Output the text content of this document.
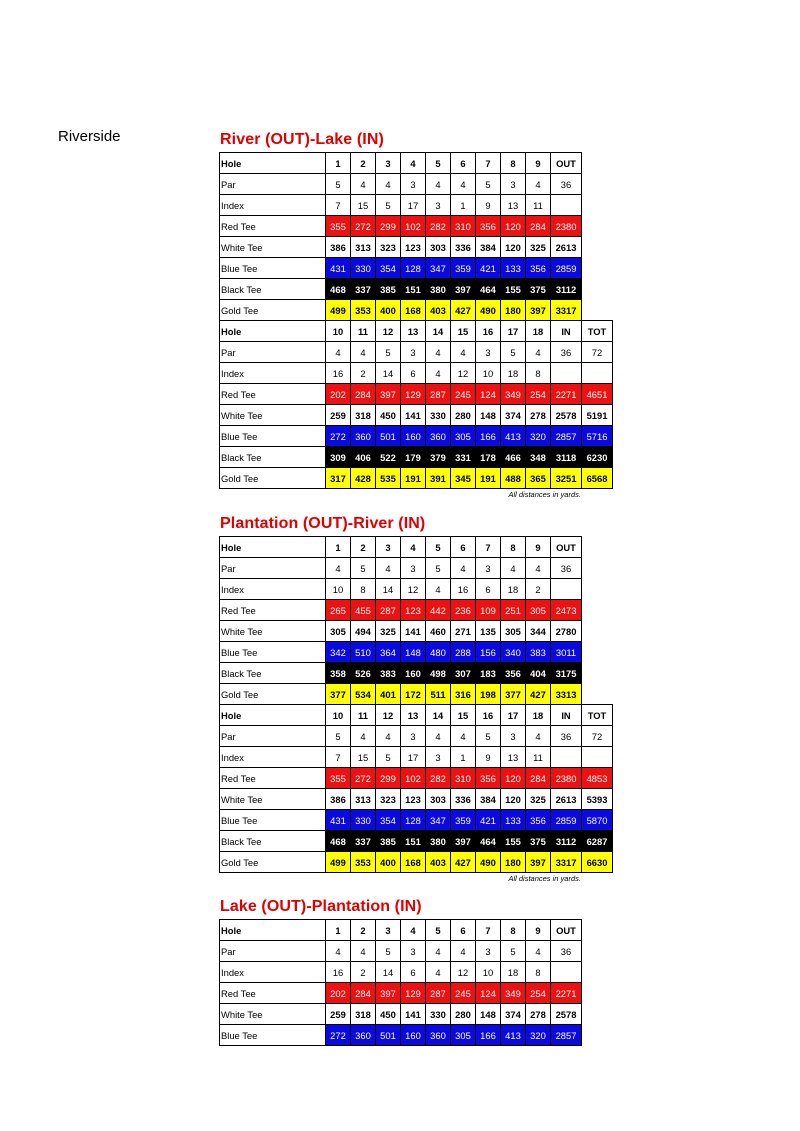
Riverside	River (OUT)-Lake (IN)
Hole	1	2	3	4	5	6	7	8	9	OUT	
Par	5	4	4	3	4	4	5	3	4	36	
Index	7	15	5	17	3	1	9	13	11		
Red Tee	355	272	299	102	282	310	356	120	284	2380	
White Tee	386	313	323	123	303	336	384	120	325	2613	
Blue Tee	431	330	354	128	347	359	421	133	356	2859	
Black Tee	468	337	385	151	380	397	464	155	375	3112	
Gold Tee	499	353	400	168	403	427	490	180	397	3317	
Hole	10	11	12	13	14	15	16	17	18	IN	TOT
Par	4	4	5	3	4	4	3	5	4	36	72
Index	16	2	14	6	4	12	10	18	8		
Red Tee	202	284	397	129	287	245	124	349	254	2271	4651
White Tee	259	318	450	141	330	280	148	374	278	2578	5191
Blue Tee	272	360	501	160	360	305	166	413	320	2857	5716
Black Tee	309	406	522	179	379	331	178	466	348	3118	6230
Gold Tee	317	428	535	191	391	345	191	488	365	3251	6568
All distances in yards.
Plantation (OUT)-River (IN)
Hole	1	2	3	4	5	6	7	8	9	OUT	
Par	4	5	4	3	5	4	3	4	4	36	
Index	10	8	14	12	4	16	6	18	2		
Red Tee	265	455	287	123	442	236	109	251	305	2473	
White Tee	305	494	325	141	460	271	135	305	344	2780	
Blue Tee	342	510	364	148	480	288	156	340	383	3011	
Black Tee	358	526	383	160	498	307	183	356	404	3175	
Gold Tee	377	534	401	172	511	316	198	377	427	3313	
Hole	10	11	12	13	14	15	16	17	18	IN	TOT
Par	5	4	4	3	4	4	5	3	4	36	72
Index	7	15	5	17	3	1	9	13	11		
Red Tee	355	272	299	102	282	310	356	120	284	2380	4853
White Tee	386	313	323	123	303	336	384	120	325	2613	5393
Blue Tee	431	330	354	128	347	359	421	133	356	2859	5870
Black Tee	468	337	385	151	380	397	464	155	375	3112	6287
Gold Tee	499	353	400	168	403	427	490	180	397	3317	6630
All distances in yards.
Lake (OUT)-Plantation (IN)
Hole	1	2	3	4	5	6	7	8	9	OUT	
Par	4	4	5	3	4	4	3	5	4	36	
Index	16	2	14	6	4	12	10	18	8		
Red Tee	202	284	397	129	287	245	124	349	254	2271	
White Tee	259	318	450	141	330	280	148	374	278	2578	
Blue Tee	272	360	501	160	360	305	166	413	320	2857	
